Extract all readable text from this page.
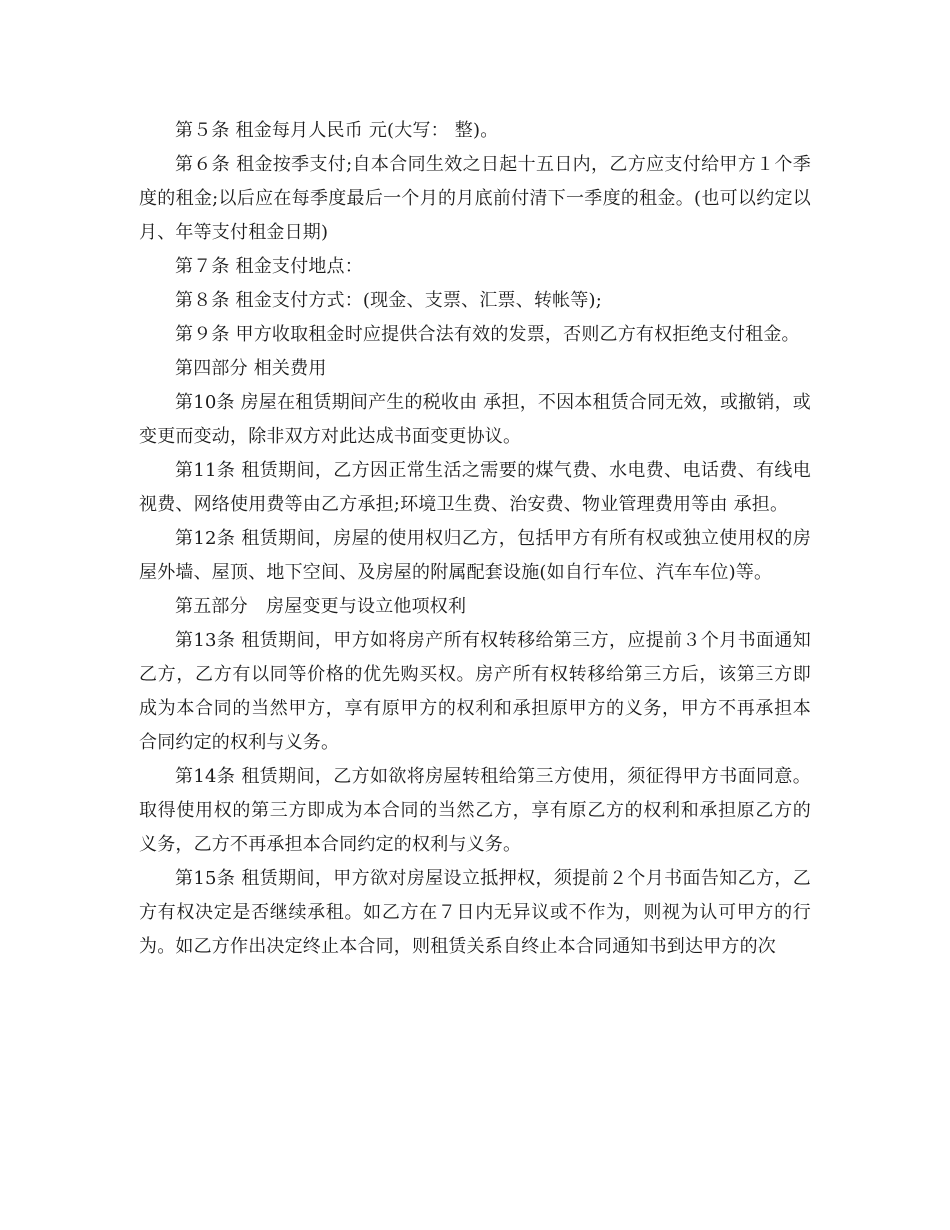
第５条 租金每月人民币 元(大写： 整)。

第６条 租金按季支付;自本合同生效之日起十五日内，乙方应支付给甲方１个季度的租金;以后应在每季度最后一个月的月底前付清下一季度的租金。(也可以约定以月、年等支付租金日期)

第７条 租金支付地点：

第８条 租金支付方式：(现金、支票、汇票、转帐等);

第９条 甲方收取租金时应提供合法有效的发票，否则乙方有权拒绝支付租金。

第四部分 相关费用

第10条 房屋在租赁期间产生的税收由 承担，不因本租赁合同无效，或撤销，或变更而变动，除非双方对此达成书面变更协议。

第11条 租赁期间，乙方因正常生活之需要的煤气费、水电费、电话费、有线电视费、网络使用费等由乙方承担;环境卫生费、治安费、物业管理费用等由 承担。

第12条 租赁期间，房屋的使用权归乙方，包括甲方有所有权或独立使用权的房屋外墙、屋顶、地下空间、及房屋的附属配套设施(如自行车位、汽车车位)等。

第五部分　房屋变更与设立他项权利

第13条 租赁期间，甲方如将房产所有权转移给第三方，应提前３个月书面通知乙方，乙方有以同等价格的优先购买权。房产所有权转移给第三方后，该第三方即成为本合同的当然甲方，享有原甲方的权利和承担原甲方的义务，甲方不再承担本合同约定的权利与义务。

第14条 租赁期间，乙方如欲将房屋转租给第三方使用，须征得甲方书面同意。取得使用权的第三方即成为本合同的当然乙方，享有原乙方的权利和承担原乙方的义务，乙方不再承担本合同约定的权利与义务。

第15条 租赁期间，甲方欲对房屋设立抵押权，须提前２个月书面告知乙方，乙方有权决定是否继续承租。如乙方在７日内无异议或不作为，则视为认可甲方的行为。如乙方作出决定终止本合同，则租赁关系自终止本合同通知书到达甲方的次
